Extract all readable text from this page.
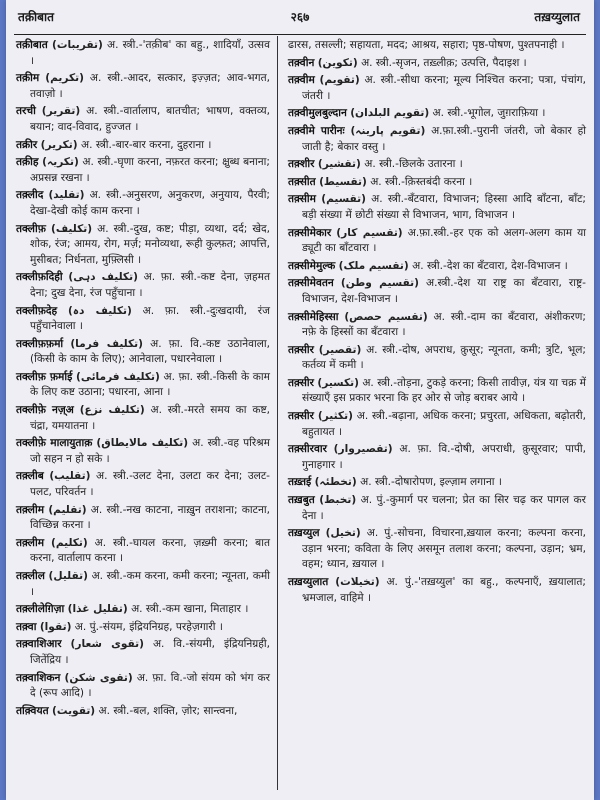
तक़ीबात	२६७	तख़य्युलात
तक़ीबात (تقریبات) अ. स्त्री.-'तक़ीब' का बहु., शादियाँ, उत्सव ।
तक़ीम (تکریم) अ. स्त्री.-आदर, सत्कार, इज़्ज़त; आव-भगत, तवाज़ो ।
तरची (تقریر) अ. स्त्री.-वार्तालाप, बातचीत; भाषण, वक्तव्य, बयान; वाद-विवाद, हुज्जत ।
तक्रीर (تکریر) अ. स्त्री.-बार-बार करना, दुहराना ।
तक़ीह (تکریہ) अ. स्त्री.-घृणा करना, नफ़रत करना; क्षुब्ध बनाना; अप्रसन्न रखना ।
तक़्लीद (تقلید) अ. स्त्री.-अनुसरण, अनुकरण, अनुयाय, पैरवी; देखा-देखी कोई काम करना ।
तक्लीफ़ (تکلیف) अ. स्त्री.-दुख, कष्ट; पीड़ा, व्यथा, दर्द; खेद, शोक, रंज; आमय, रोग, मर्ज़; मनोव्यथा, रूही कुल्फ़त; आपत्ति, मुसीबत; निर्धनता, मुफ़्लिसी ।
तक्लीफ़दिही (تکلیف دہی) अ. फ़ा. स्त्री.-कष्ट देना, ज़हमत देना; दुख देना, रंज पहुँचाना ।
तक्लीफ़देह (تکلیف دہ) अ. फ़ा. स्त्री.-दुःखदायी, रंज पहुँचानेवाला ।
तक्लीफ़फ़र्मा (تکلیف فرما) अ. फ़ा. वि.-कष्ट उठानेवाला, (किसी के काम के लिए); आनेवाला, पधारनेवाला ।
तक्लीफ़ फ़र्माई (تکلیف فرمائی) अ. फ़ा. स्त्री.-किसी के काम के लिए कष्ट उठाना; पधारना, आना ।
तक्लीफ़े नज़्अ (تکلیف نزع) अ. स्त्री.-मरते समय का कष्ट, चंद्रा, यमयातना ।
तक्लीफ़े मालायुताक़ (تکلیف مالایطاق) अ. स्त्री.-वह परिश्रम जो सहन न हो सके ।
तक़्लीब (تقلیب) अ. स्त्री.-उलट देना, उलटा कर देना; उलट-पलट, परिवर्तन ।
तक़्लीम (تقلیم) अ. स्त्री.-नख काटना, नाख़ुन तराशना; काटना, विच्छिन्न करना ।
तक़्लीम (تکلیم) अ. स्त्री.-घायल करना, ज़ख़्मी करना; बात करना, वार्तालाप करना ।
तक़्लील (تقلیل) अ. स्त्री.-कम करना, कमी करना; न्यूनता, कमी ।
तक़्लीलेग़िज़ा (تقلیل غذا) अ. स्त्री.-कम खाना, मिताहार ।
तक़्वा (تقوا) अ. पुं.-संयम, इंद्रियनिग्रह, परहेज़गारी ।
तक़्वाशिआर (تقوی شعار) अ. वि.-संयमी, इंद्रियनिग्रही, जितेंद्रिय ।
तक़्वाशिकन (تقوی شکن) अ. फ़ा. वि.-जो संयम को भंग कर दे (रूप आदि) ।
तक़्वियत (تقویت) अ. स्त्री.-बल, शक्ति, ज़ोर; सान्त्वना,
ढारस, तसल्ली; सहायता, मदद; आश्रय, सहारा; पृष्ठ-पोषण, पुश्तपनाही ।
तक़्वीन (تکوین) अ. स्त्री.-सृजन, तख़्लीक़; उत्पत्ति, पैदाइश ।
तक़्वीम (تقویم) अ. स्त्री.-सीधा करना; मूल्य निश्चित करना; पत्रा, पंचांग, जंतरी ।
तक़्वीमुलबुल्दान (تقویم البلدان) अ. स्त्री.-भूगोल, जुग़राफ़िया ।
तक़्वीमे पारीनः (تقویم پارینہ) अ.फ़ा.स्त्री.-पुरानी जंतरी, जो बेकार हो जाती है; बेकार वस्तु ।
तक़्शीर (تقشیر) अ. स्त्री.-छिलके उतारना ।
तक़्सीत (تقسیط) अ. स्त्री.-क़िस्तबंदी करना ।
तक़्सीम (تقسیم) अ. स्त्री.-बँटवारा, विभाजन; हिस्सा आदि बाँटना, बाँट; बड़ी संख्या में छोटी संख्या से विभाजन, भाग, विभाजन ।
तक़्सीमेकार (تقسیم کار) अ.फ़ा.स्त्री.-हर एक को अलग-अलग काम या ड्यूटी का बाँटवारा ।
तक़्सीमेमुल्क (تقسیم ملک) अ. स्त्री.-देश का बँटवारा, देश-विभाजन ।
तक़्सीमेवतन (تقسیم وطن) अ.स्त्री.-देश या राष्ट्र का बँटवारा, राष्ट्र-विभाजन, देश-विभाजन ।
तक़्सीमेहिस्सा (تقسیم حصص) अ. स्त्री.-दाम का बँटवारा, अंशीकरण; नफ़े के हिस्सों का बँटवारा ।
तक़्सीर (تقصیر) अ. स्त्री.-दोष, अपराध, क़ुसूर; न्यूनता, कमी; त्रुटि, भूल; कर्तव्य में कमी ।
तक़्सीर (تکسیر) अ. स्त्री.-तोड़ना, टुकड़े करना; किसी तावीज़, यंत्र या चक्र में संख्याएँ इस प्रकार भरना कि हर ओर से जोड़ बराबर आये ।
तक़्सीर (تکثیر) अ. स्त्री.-बढ़ाना, अधिक करना; प्रचुरता, अधिकता, बढ़ोतरी, बहुतायत ।
तक़्सीरवार (تقصیروار) अ. फ़ा. वि.-दोषी, अपराधी, क़ुसूरवार; पापी, गुनाहगार ।
तख़्तई (تخطئہ) अ. स्त्री.-दोषारोपण, इल्ज़ाम लगाना ।
तख़बुत (تخبط) अ. पुं.-कुमार्ग पर चलना; प्रेत का सिर चढ़ कर पागल कर देना ।
तख़य्युल (تخیل) अ. पुं.-सोचना, विचारना,ख़याल करना; कल्पना करना, उड़ान भरना; कविता के लिए असमून तलाश करना; कल्पना, उड़ान; भ्रम, वहम; ध्यान, ख़याल ।
तख़य्युलात (تخیلات) अ. पुं.-'तख़य्युल' का बहु., कल्पनाएँ, ख़यालात; भ्रमजाल, वाहिमे ।
